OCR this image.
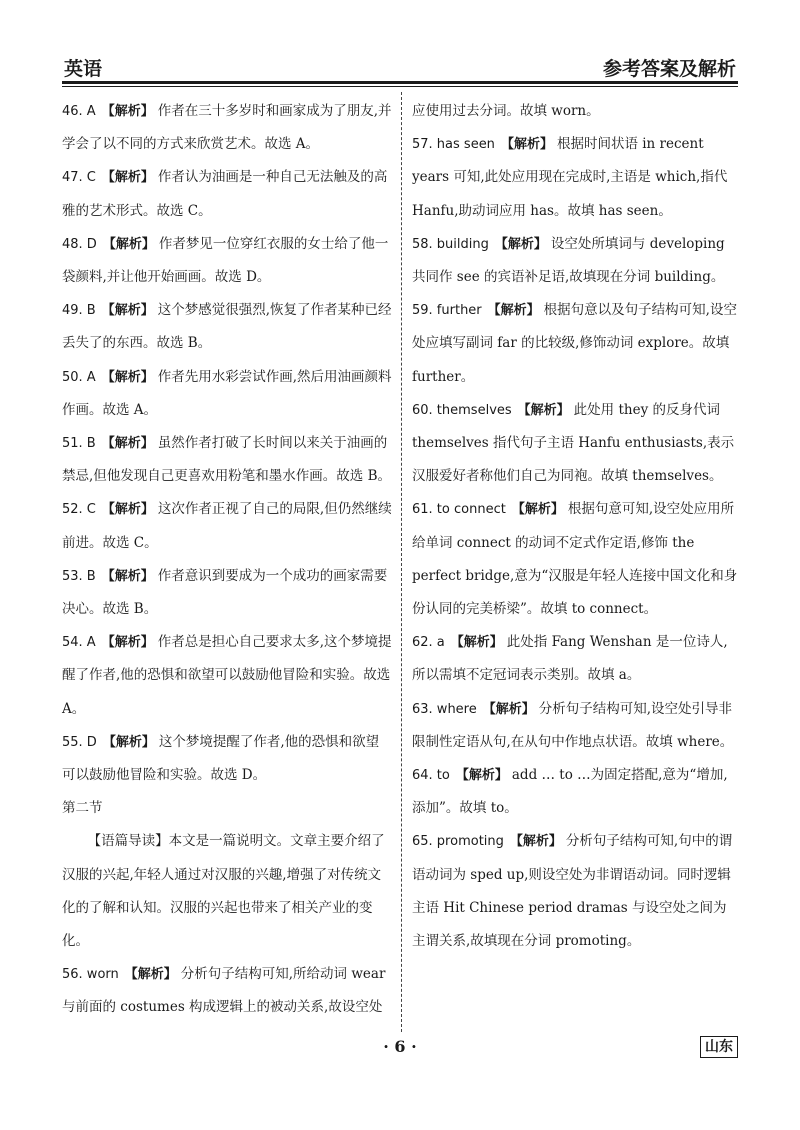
英语	参考答案及解析

46. A 【解析】 作者在三十多岁时和画家成为了朋友,并学会了以不同的方式来欣赏艺术。故选 A。

47. C 【解析】 作者认为油画是一种自己无法触及的高雅的艺术形式。故选 C。

48. D 【解析】 作者梦见一位穿红衣服的女士给了他一袋颜料,并让他开始画画。故选 D。

49. B 【解析】 这个梦感觉很强烈,恢复了作者某种已经丢失了的东西。故选 B。

50. A 【解析】 作者先用水彩尝试作画,然后用油画颜料作画。故选 A。

51. B 【解析】 虽然作者打破了长时间以来关于油画的禁忌,但他发现自己更喜欢用粉笔和墨水作画。故选 B。

52. C 【解析】 这次作者正视了自己的局限,但仍然继续前进。故选 C。

53. B 【解析】 作者意识到要成为一个成功的画家需要决心。故选 B。

54. A 【解析】 作者总是担心自己要求太多,这个梦境提醒了作者,他的恐惧和欲望可以鼓励他冒险和实验。故选 A。

55. D 【解析】 这个梦境提醒了作者,他的恐惧和欲望可以鼓励他冒险和实验。故选 D。

第二节

【语篇导读】本文是一篇说明文。文章主要介绍了汉服的兴起,年轻人通过对汉服的兴趣,增强了对传统文化的了解和认知。汉服的兴起也带来了相关产业的变化。

56. worn 【解析】 分析句子结构可知,所给动词 wear 与前面的 costumes 构成逻辑上的被动关系,故设空处

应使用过去分词。故填 worn。

57. has seen 【解析】 根据时间状语 in recent years 可知,此处应用现在完成时,主语是 which,指代 Hanfu,助动词应用 has。故填 has seen。

58. building 【解析】 设空处所填词与 developing 共同作 see 的宾语补足语,故填现在分词 building。

59. further 【解析】 根据句意以及句子结构可知,设空处应填写副词 far 的比较级,修饰动词 explore。故填 further。

60. themselves 【解析】 此处用 they 的反身代词 themselves 指代句子主语 Hanfu enthusiasts,表示汉服爱好者称他们自己为同袍。故填 themselves。

61. to connect 【解析】 根据句意可知,设空处应用所给单词 connect 的动词不定式作定语,修饰 the perfect bridge,意为“汉服是年轻人连接中国文化和身份认同的完美桥梁”。故填 to connect。

62. a 【解析】 此处指 Fang Wenshan 是一位诗人,所以需填不定冠词表示类别。故填 a。

63. where 【解析】 分析句子结构可知,设空处引导非限制性定语从句,在从句中作地点状语。故填 where。

64. to 【解析】 add … to …为固定搭配,意为“增加,添加”。故填 to。

65. promoting 【解析】 分析句子结构可知,句中的谓语动词为 sped up,则设空处为非谓语动词。同时逻辑主语 Hit Chinese period dramas 与设空处之间为主谓关系,故填现在分词 promoting。

· 6 ·	山东
